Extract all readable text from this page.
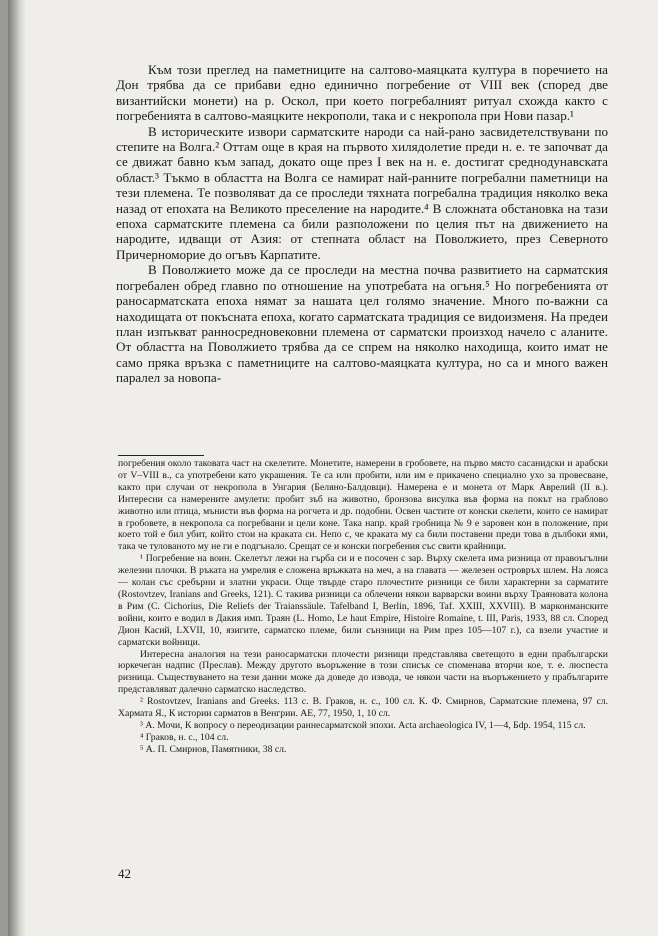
Към този преглед на паметниците на салтово-маяцката култура в поречието на Дон трябва да се прибави едно единично погребение от VIII век (според две византийски монети) на р. Оскол, при което погребалният ритуал схожда както с погребенията в салтово-маяцките некрополи, така и с некропола при Нови пазар.¹

В историческите извори сарматските народи са най-рано засвидетелствувани по степите на Волга.² Оттам още в края на първото хилядолетие преди н. е. те започват да се движат бавно към запад, докато още през I век на н. е. достигат среднодунавската област.³ Тъкмо в областта на Волга се намират най-ранните погребални паметници на тези племена. Те позволяват да се проследи тяхната погребална традиция няколко века назад от епохата на Великото преселение на народите.⁴ В сложната обстановка на тази епоха сарматските племена са били разположени по целия път на движението на народите, идващи от Азия: от степната област на Поволжието, през Северното Причерноморие до огъвъ Карпатите.

В Поволжието може да се проследи на местна почва развитието на сарматския погребален обред главно по отношение на употребата на огъня.⁵ Но погребенията от раносарматската епоха нямат за нашата цел голямо значение. Много по-важни са находищата от покъсната епоха, когато сарматската традиция се видоизменя. На предеи план изпъкват ранносредновековни племена от сарматски произход начело с аланите. От областта на Поволжието трябва да се спрем на няколко находища, които имат не само пряка връзка с паметниците на салтово-маяцката култура, но са и много важен паралел за новопа-

погребения около таковата част на скелетите. Монетите, намерени в гробовете, на първо място сасанидски и арабски от V–VIII в., са употребени като украшения. Те са или пробити, или им е прикачено специално ухо за провесване, както при случаи от некропола в Унгария (Беляно-Балдовци). Намерена е и монета от Марк Аврелий (II в.). Интересни са намерените амулети: пробит зъб на животно, бронзова висулка във форма на покът на граблово животно или птица, мънисти във форма на рогчета и др. подобни. Освен частите от конски скелети, които се намират в гробовете, в некропола са погребвани и цели коне. Така напр. край гробница № 9 е заровен кон в положение, при което той е бил убит, който стои на краката си. Непо с, че краката му са били поставени преди това в дълбоки ями, така че тулованото му не ги е подгънало. Срещат се и конски погребения със свити крайници.

¹ Погребение на воин. Скелетът лежи на гърба си и е посочен с зар. Върху скелета има ризница от правоъгълни железни плочки. В ръката на умрелия е сложена връжката на меч, а на главата — железен островръх шлем. На лоясa — колан със сребърни и златни украси. Още твърде старо плочестите ризници се били характерни за сарматите (Rostovtzev, Iranians and Greeks, 121). С такива ризници са облечени някои варварски воини върху Траяновата колона в Рим (C. Cichorius, Die Reliefs der Traianssäule. Tafelband I, Berlin, 1896, Taf. XXIII, XXVIII). В марконманските войни, които е водил в Дакия имп. Траян (L. Homo, Le haut Empire, Histoire Romaine, t. III, Paris, 1933, 88 сл. Според Дион Касий, LXVII, 10, язигите, сарматско племе, били сънзници на Рим през 105—107 г.), са взели участие и сарматски войници.

Интересна аналогия на тези раносарматски плочести ризници представлява светещото в едни прабългарски юркечеган надпис (Преслав). Между другото въоръжение в този списък се споменава вторчи кое, т. е. люспеста ризница. Съществуването на тези данни може да доведе до извода, че някои части на въоръжението у прабългарите представляват далечно сарматско наследство.

² Rostovtzev, Iranians and Greeks. 113 с. В. Граков, н. с., 100 сл. К. Ф. Смирнов, Сарматские племена, 97 сл. Хармата Я., К истории сарматов в Венгрии. АЕ, 77, 1950, 1, 10 сл.

³ А. Мочи, К вопросу о переодизации раннесарматской эпохи. Acta archaeologica IV, 1—4, Бdр. 1954, 115 сл.

⁴ Граков, н. с., 104 сл.

⁵ А. П. Смирнов, Памятники, 38 сл.

42
